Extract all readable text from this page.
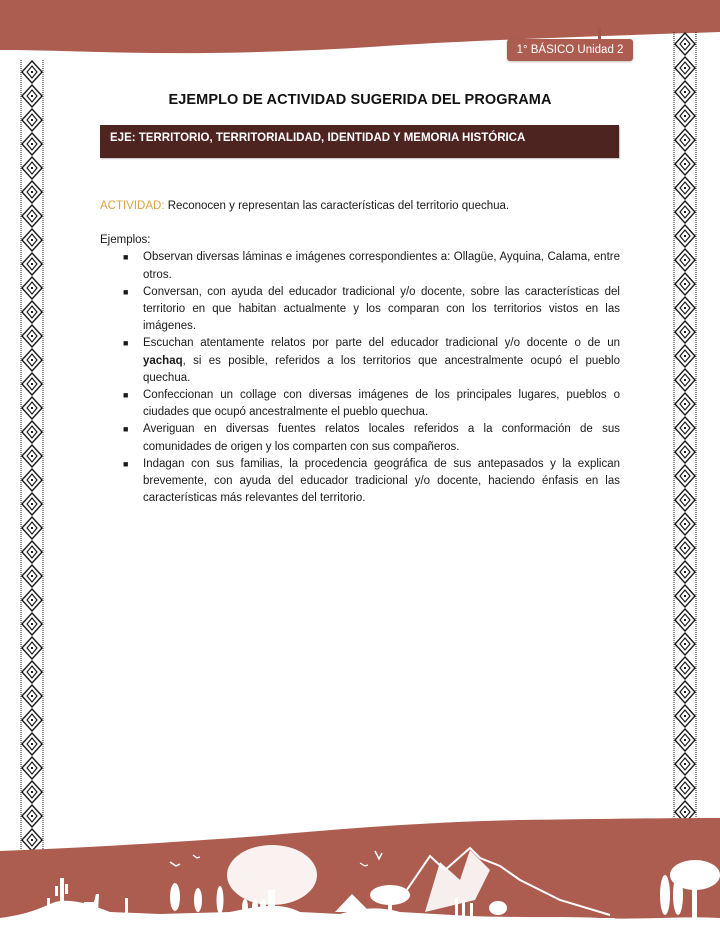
1° BÁSICO Unidad 2
EJEMPLO DE ACTIVIDAD SUGERIDA DEL PROGRAMA
EJE: TERRITORIO, TERRITORIALIDAD, IDENTIDAD Y MEMORIA HISTÓRICA
ACTIVIDAD: Reconocen y representan las características del territorio quechua.
Ejemplos:
■ Observan diversas láminas e imágenes correspondientes a: Ollagüe, Ayquina, Calama, entre otros.
■ Conversan, con ayuda del educador tradicional y/o docente, sobre las características del territorio en que habitan actualmente y los comparan con los territorios vistos en las imágenes.
■ Escuchan atentamente relatos por parte del educador tradicional y/o docente o de un yachaq, si es posible, referidos a los territorios que ancestralmente ocupó el pueblo quechua.
■ Confeccionan un collage con diversas imágenes de los principales lugares, pueblos o ciudades que ocupó ancestralmente el pueblo quechua.
■ Averiguan en diversas fuentes relatos locales referidos a la conformación de sus comunidades de origen y los comparten con sus compañeros.
■ Indagan con sus familias, la procedencia geográfica de sus antepasados y la explican brevemente, con ayuda del educador tradicional y/o docente, haciendo énfasis en las características más relevantes del territorio.
